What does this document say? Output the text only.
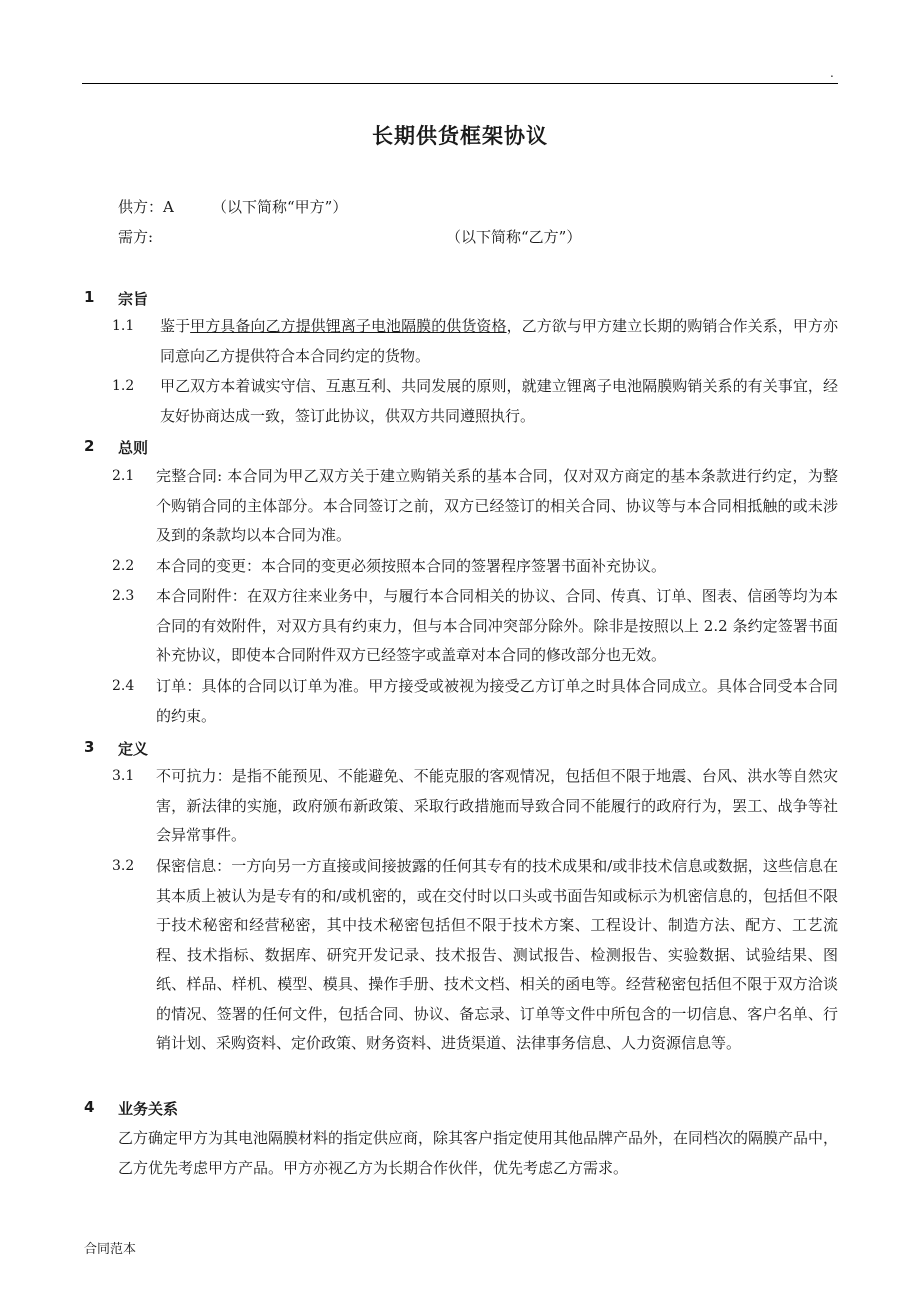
.
长期供货框架协议
供方：A	（以下简称“甲方”）
需方:	（以下简称“乙方”）
1 宗旨
1.1 鉴于甲方具备向乙方提供锂离子电池隔膜的供货资格，乙方欲与甲方建立长期的购销合作关系，甲方亦同意向乙方提供符合本合同约定的货物。
1.2 甲乙双方本着诚实守信、互惠互利、共同发展的原则，就建立锂离子电池隔膜购销关系的有关事宜，经友好协商达成一致，签订此协议，供双方共同遵照执行。
2 总则
2.1 完整合同: 本合同为甲乙双方关于建立购销关系的基本合同，仅对双方商定的基本条款进行约定，为整个购销合同的主体部分。本合同签订之前，双方已经签订的相关合同、协议等与本合同相抵触的或未涉及到的条款均以本合同为准。
2.2 本合同的变更：本合同的变更必须按照本合同的签署程序签署书面补充协议。
2.3 本合同附件：在双方往来业务中，与履行本合同相关的协议、合同、传真、订单、图表、信函等均为本合同的有效附件，对双方具有约束力，但与本合同冲突部分除外。除非是按照以上 2.2 条约定签署书面补充协议，即使本合同附件双方已经签字或盖章对本合同的修改部分也无效。
2.4 订单：具体的合同以订单为准。甲方接受或被视为接受乙方订单之时具体合同成立。具体合同受本合同的约束。
3 定义
3.1 不可抗力：是指不能预见、不能避免、不能克服的客观情况，包括但不限于地震、台风、洪水等自然灾害，新法律的实施，政府颁布新政策、采取行政措施而导致合同不能履行的政府行为，罢工、战争等社会异常事件。
3.2 保密信息：一方向另一方直接或间接披露的任何其专有的技术成果和/或非技术信息或数据，这些信息在其本质上被认为是专有的和/或机密的，或在交付时以口头或书面告知或标示为机密信息的，包括但不限于技术秘密和经营秘密，其中技术秘密包括但不限于技术方案、工程设计、制造方法、配方、工艺流程、技术指标、数据库、研究开发记录、技术报告、测试报告、检测报告、实验数据、试验结果、图纸、样品、样机、模型、模具、操作手册、技术文档、相关的函电等。经营秘密包括但不限于双方洽谈的情况、签署的任何文件，包括合同、协议、备忘录、订单等文件中所包含的一切信息、客户名单、行销计划、采购资料、定价政策、财务资料、进货渠道、法律事务信息、人力资源信息等。
4 业务关系
乙方确定甲方为其电池隔膜材料的指定供应商，除其客户指定使用其他品牌产品外，在同档次的隔膜产品中，乙方优先考虑甲方产品。甲方亦视乙方为长期合作伙伴，优先考虑乙方需求。
合同范本
